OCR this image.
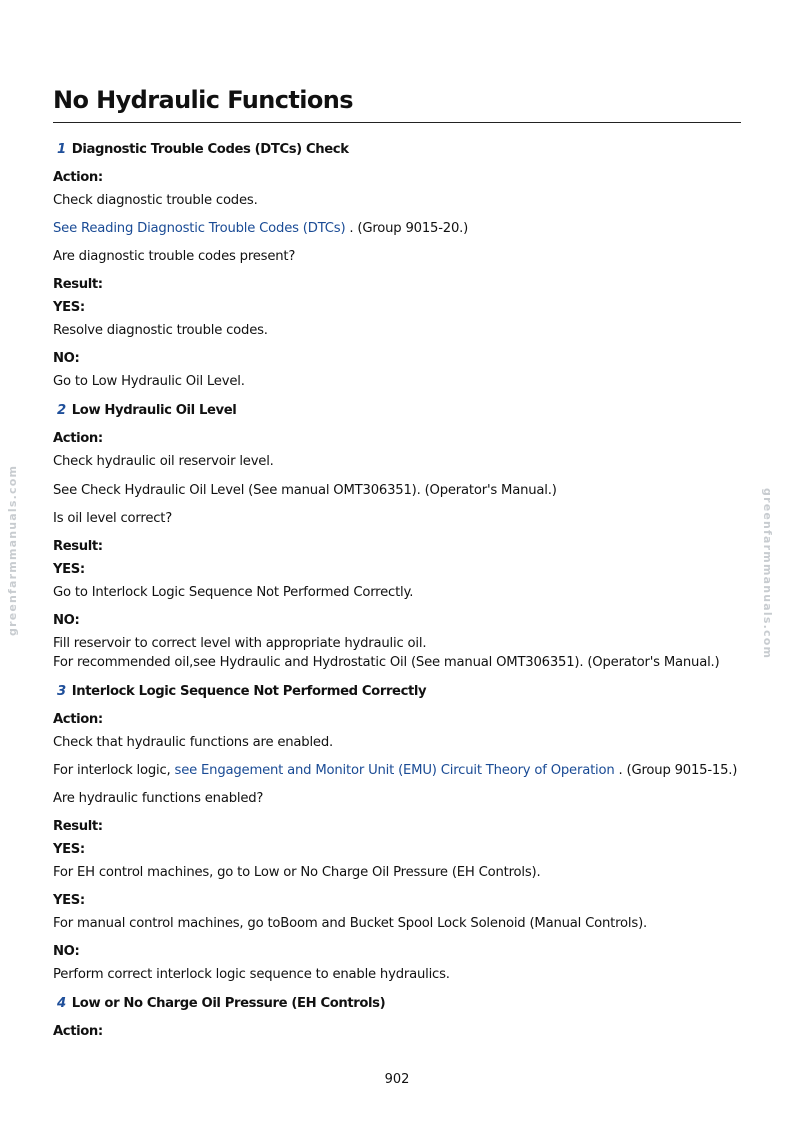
greenfarmmanuals.com	greenfarmmanuals.com
No Hydraulic Functions
1 Diagnostic Trouble Codes (DTCs) Check
Action:
Check diagnostic trouble codes.
See Reading Diagnostic Trouble Codes (DTCs) . (Group 9015-20.)
Are diagnostic trouble codes present?
Result:
YES:
Resolve diagnostic trouble codes.
NO:
Go to Low Hydraulic Oil Level.
2 Low Hydraulic Oil Level
Action:
Check hydraulic oil reservoir level.
See Check Hydraulic Oil Level (See manual OMT306351). (Operator's Manual.)
Is oil level correct?
Result:
YES:
Go to Interlock Logic Sequence Not Performed Correctly.
NO:
Fill reservoir to correct level with appropriate hydraulic oil.
For recommended oil,see Hydraulic and Hydrostatic Oil (See manual OMT306351). (Operator's Manual.)
3 Interlock Logic Sequence Not Performed Correctly
Action:
Check that hydraulic functions are enabled.
For interlock logic, see Engagement and Monitor Unit (EMU) Circuit Theory of Operation . (Group 9015-15.)
Are hydraulic functions enabled?
Result:
YES:
For EH control machines, go to Low or No Charge Oil Pressure (EH Controls).
YES:
For manual control machines, go toBoom and Bucket Spool Lock Solenoid (Manual Controls).
NO:
Perform correct interlock logic sequence to enable hydraulics.
4 Low or No Charge Oil Pressure (EH Controls)
Action:
902
